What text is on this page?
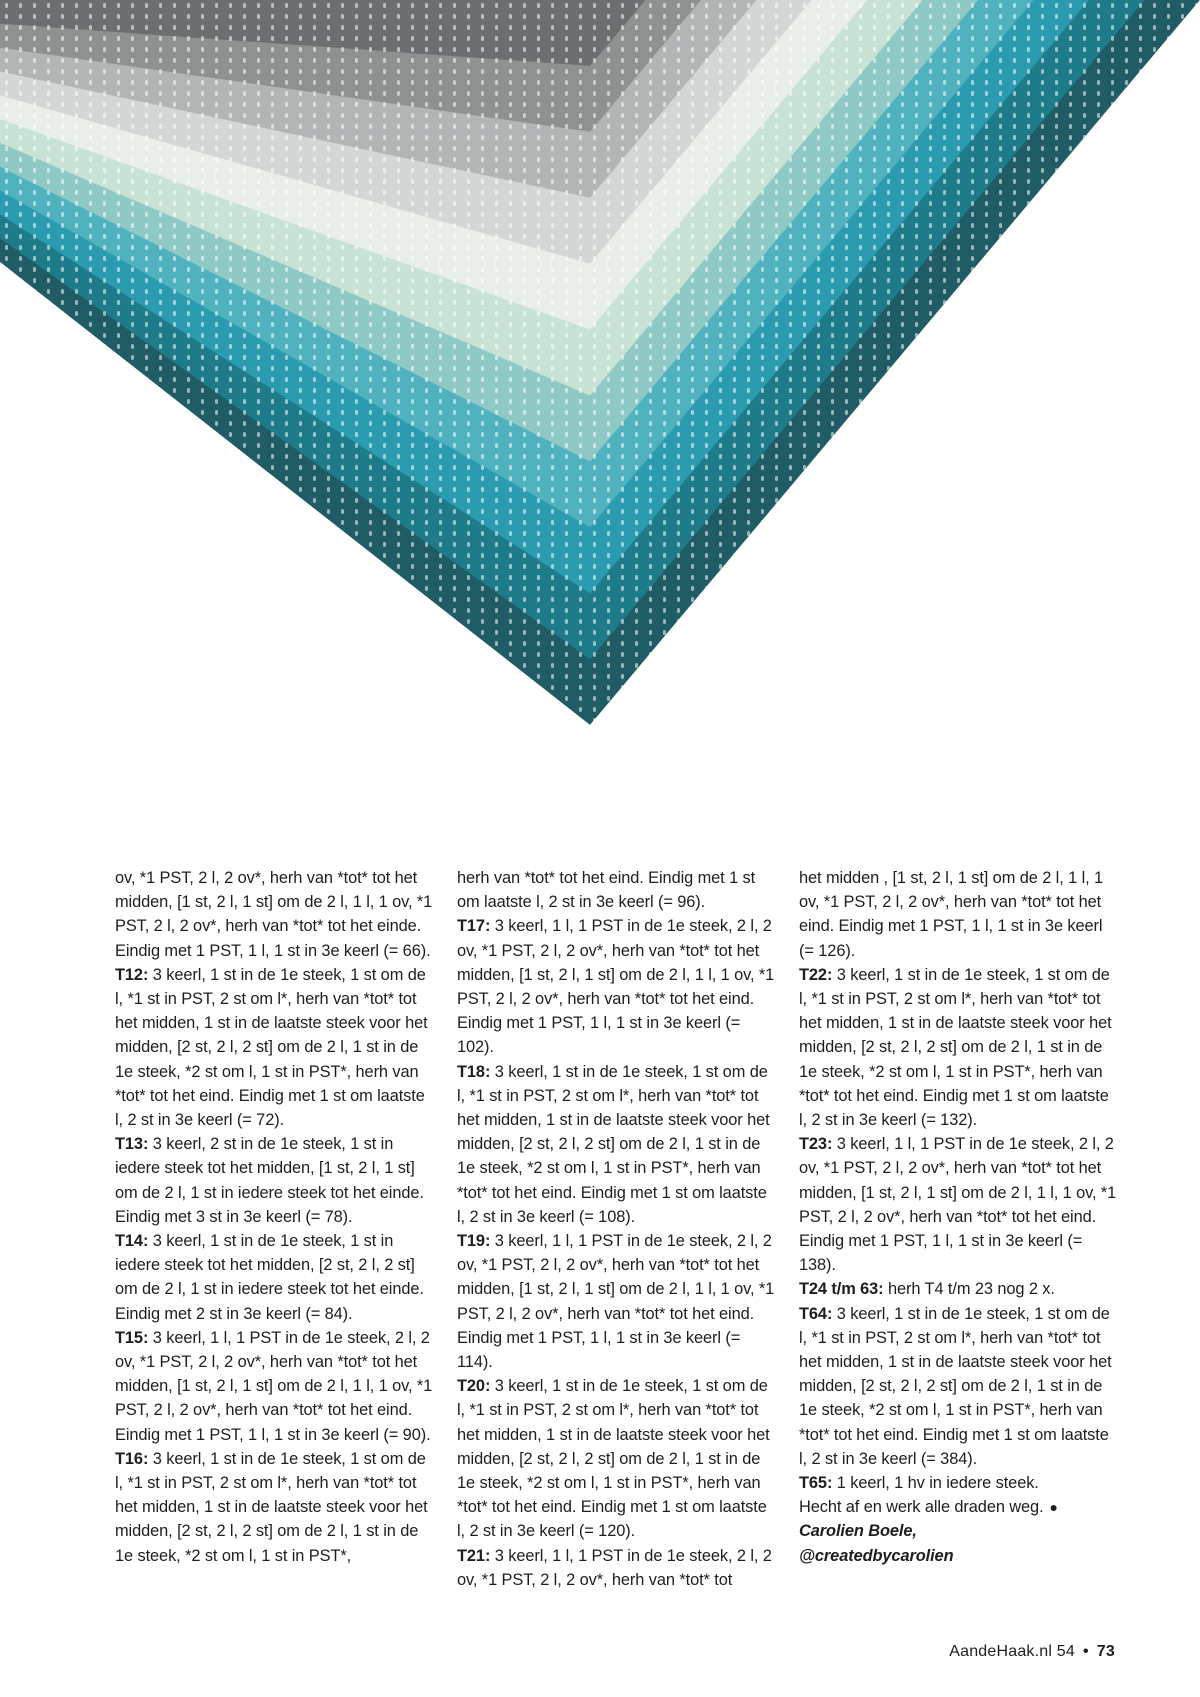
ov, *1 PST, 2 l, 2 ov*, herh van *tot* tot het midden, [1 st, 2 l, 1 st] om de 2 l, 1 l, 1 ov, *1 PST, 2 l, 2 ov*, herh van *tot* tot het einde. Eindig met 1 PST, 1 l, 1 st in 3e keerl (= 66).

T12: 3 keerl, 1 st in de 1e steek, 1 st om de l, *1 st in PST, 2 st om l*, herh van *tot* tot het midden, 1 st in de laatste steek voor het midden, [2 st, 2 l, 2 st] om de 2 l, 1 st in de 1e steek, *2 st om l, 1 st in PST*, herh van *tot* tot het eind. Eindig met 1 st om laatste l, 2 st in 3e keerl (= 72).

T13: 3 keerl, 2 st in de 1e steek, 1 st in iedere steek tot het midden, [1 st, 2 l, 1 st] om de 2 l, 1 st in iedere steek tot het einde. Eindig met 3 st in 3e keerl (= 78).

T14: 3 keerl, 1 st in de 1e steek, 1 st in iedere steek tot het midden, [2 st, 2 l, 2 st] om de 2 l, 1 st in iedere steek tot het einde. Eindig met 2 st in 3e keerl (= 84).

T15: 3 keerl, 1 l, 1 PST in de 1e steek, 2 l, 2 ov, *1 PST, 2 l, 2 ov*, herh van *tot* tot het midden, [1 st, 2 l, 1 st] om de 2 l, 1 l, 1 ov, *1 PST, 2 l, 2 ov*, herh van *tot* tot het eind. Eindig met 1 PST, 1 l, 1 st in 3e keerl (= 90).

T16: 3 keerl, 1 st in de 1e steek, 1 st om de l, *1 st in PST, 2 st om l*, herh van *tot* tot het midden, 1 st in de laatste steek voor het midden, [2 st, 2 l, 2 st] om de 2 l, 1 st in de 1e steek, *2 st om l, 1 st in PST*,

herh van *tot* tot het eind. Eindig met 1 st om laatste l, 2 st in 3e keerl (= 96).

T17: 3 keerl, 1 l, 1 PST in de 1e steek, 2 l, 2 ov, *1 PST, 2 l, 2 ov*, herh van *tot* tot het midden, [1 st, 2 l, 1 st] om de 2 l, 1 l, 1 ov, *1 PST, 2 l, 2 ov*, herh van *tot* tot het eind. Eindig met 1 PST, 1 l, 1 st in 3e keerl (= 102).

T18: 3 keerl, 1 st in de 1e steek, 1 st om de l, *1 st in PST, 2 st om l*, herh van *tot* tot het midden, 1 st in de laatste steek voor het midden, [2 st, 2 l, 2 st] om de 2 l, 1 st in de 1e steek, *2 st om l, 1 st in PST*, herh van *tot* tot het eind. Eindig met 1 st om laatste l, 2 st in 3e keerl (= 108).

T19: 3 keerl, 1 l, 1 PST in de 1e steek, 2 l, 2 ov, *1 PST, 2 l, 2 ov*, herh van *tot* tot het midden, [1 st, 2 l, 1 st] om de 2 l, 1 l, 1 ov, *1 PST, 2 l, 2 ov*, herh van *tot* tot het eind. Eindig met 1 PST, 1 l, 1 st in 3e keerl (= 114).

T20: 3 keerl, 1 st in de 1e steek, 1 st om de l, *1 st in PST, 2 st om l*, herh van *tot* tot het midden, 1 st in de laatste steek voor het midden, [2 st, 2 l, 2 st] om de 2 l, 1 st in de 1e steek, *2 st om l, 1 st in PST*, herh van *tot* tot het eind. Eindig met 1 st om laatste l, 2 st in 3e keerl (= 120).

T21: 3 keerl, 1 l, 1 PST in de 1e steek, 2 l, 2 ov, *1 PST, 2 l, 2 ov*, herh van *tot* tot

het midden , [1 st, 2 l, 1 st] om de 2 l, 1 l, 1 ov, *1 PST, 2 l, 2 ov*, herh van *tot* tot het eind. Eindig met 1 PST, 1 l, 1 st in 3e keerl (= 126).

T22: 3 keerl, 1 st in de 1e steek, 1 st om de l, *1 st in PST, 2 st om l*, herh van *tot* tot het midden, 1 st in de laatste steek voor het midden, [2 st, 2 l, 2 st] om de 2 l, 1 st in de 1e steek, *2 st om l, 1 st in PST*, herh van *tot* tot het eind. Eindig met 1 st om laatste l, 2 st in 3e keerl (= 132).

T23: 3 keerl, 1 l, 1 PST in de 1e steek, 2 l, 2 ov, *1 PST, 2 l, 2 ov*, herh van *tot* tot het midden, [1 st, 2 l, 1 st] om de 2 l, 1 l, 1 ov, *1 PST, 2 l, 2 ov*, herh van *tot* tot het eind. Eindig met 1 PST, 1 l, 1 st in 3e keerl (= 138).

T24 t/m 63: herh T4 t/m 23 nog 2 x.

T64: 3 keerl, 1 st in de 1e steek, 1 st om de l, *1 st in PST, 2 st om l*, herh van *tot* tot het midden, 1 st in de laatste steek voor het midden, [2 st, 2 l, 2 st] om de 2 l, 1 st in de 1e steek, *2 st om l, 1 st in PST*, herh van *tot* tot het eind. Eindig met 1 st om laatste l, 2 st in 3e keerl (= 384).

T65: 1 keerl, 1 hv in iedere steek.

Hecht af en werk alle draden weg. ●

Carolien Boele,

@createdbycarolien

AandeHaak.nl 54 • 73
